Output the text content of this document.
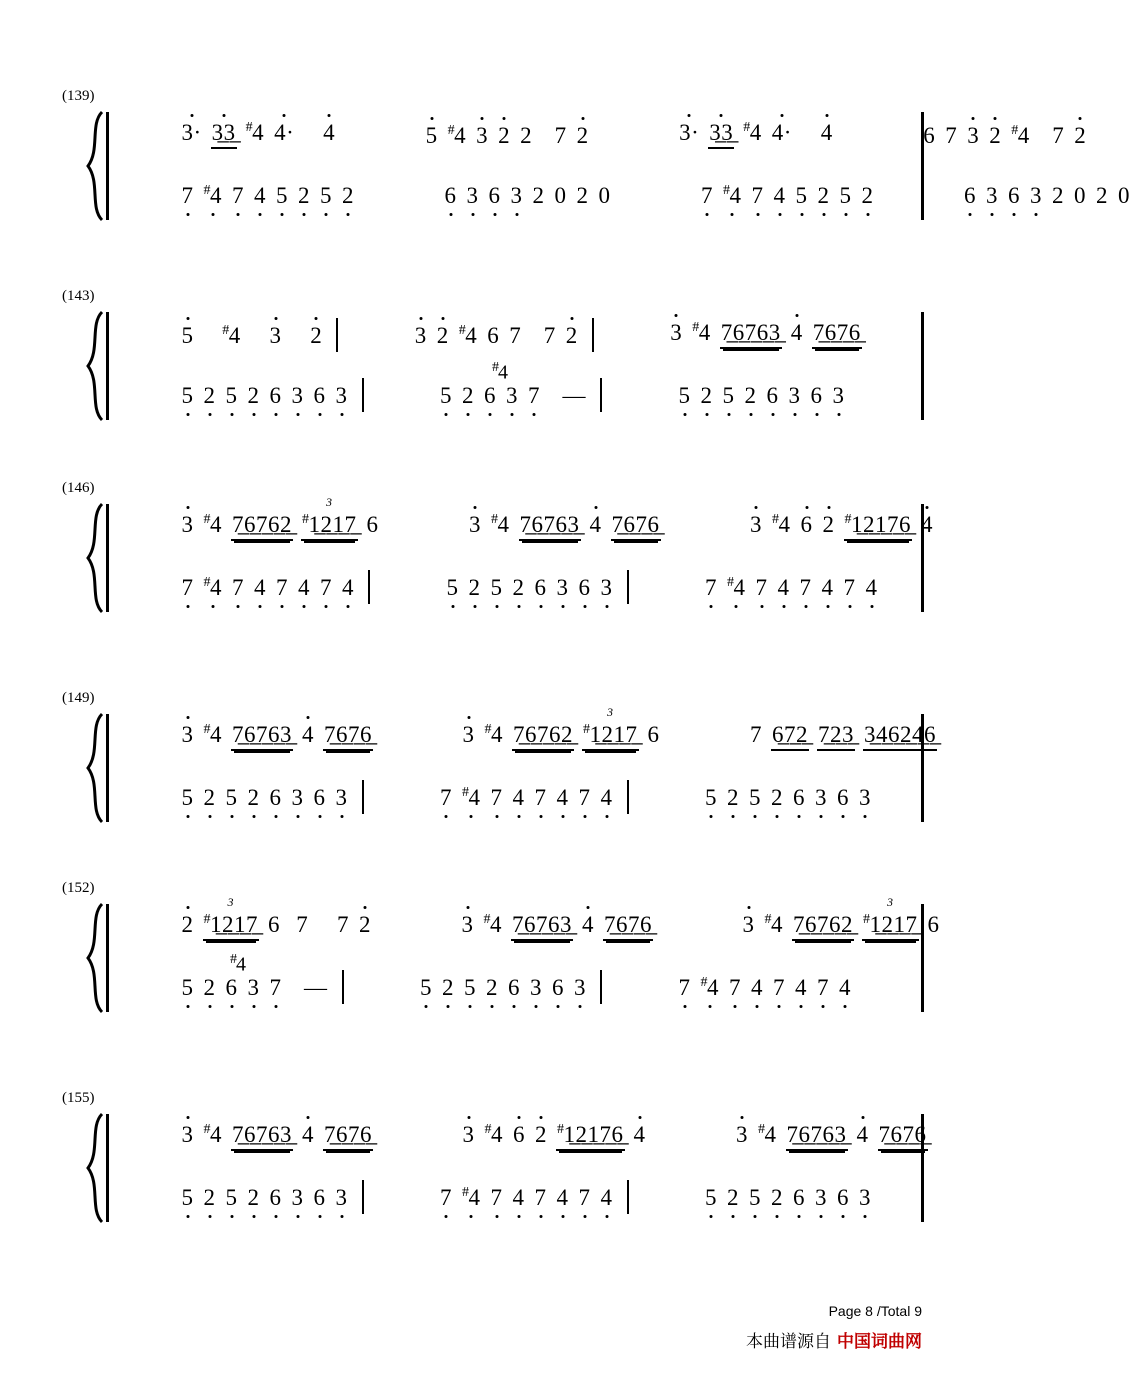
(139)

3· 3̲3̲ #4 4· 4
	5 #4 3 2 2 7 2
	3· 3̲3̲ #4 4· 4
	6 7 3 2 #4 7 2

7 #4 7 4 5 2 5 2
	6 3 6 3 2 0 2 0
	7 #4 7 4 5 2 5 2
	6 3 6 3 2 0 2 0

(143)

5 #4 3 2
	3 2 #4 6 7 7 2
	3 #4 7̲6̲7̲6̲3̲ 4 7̲6̲7̲6̲

5 2 5 2 6 3 6 3
	5 2 6 3 7 —
	5 2 5 2 6 3 6 3

#4
(146)

3 #4 7̲6̲7̲6̲2̲
3
#1̲2̲1̲7̲ 6
	3 #4 7̲6̲7̲6̲3̲ 4 7̲6̲7̲6̲
	3 #4 6 2 #1̲2̲1̲7̲6̲ 4

7 #4 7 4 7 4 7 4
	5 2 5 2 6 3 6 3
	7 #4 7 4 7 4 7 4

(149)

3 #4 7̲6̲7̲6̲3̲ 4 7̲6̲7̲6̲
	3 #4 7̲6̲7̲6̲2̲
3
#1̲2̲1̲7̲ 6
	7 6̲7̲2̲ 7̲2̲3̲ 3̲4̲6̲2̲4̲6̲

5 2 5 2 6 3 6 3
	7 #4 7 4 7 4 7 4
	5 2 5 2 6 3 6 3

(152)

2
3
#1̲2̲1̲7̲ 6 7 7 2
	3 #4 7̲6̲7̲6̲3̲ 4 7̲6̲7̲6̲
	3 #4 7̲6̲7̲6̲2̲
3
#1̲2̲1̲7̲ 6

5 2 6 3 7 —
	5 2 5 2 6 3 6 3
	7 #4 7 4 7 4 7 4

#4
(155)

3 #4 7̲6̲7̲6̲3̲ 4 7̲6̲7̲6̲
	3 #4 6 2 #1̲2̲1̲7̲6̲ 4
	3 #4 7̲6̲7̲6̲3̲ 4 7̲6̲7̲6̲

5 2 5 2 6 3 6 3
	7 #4 7 4 7 4 7 4
	5 2 5 2 6 3 6 3

Page 8 /Total 9
本曲谱源自 中国词曲网
